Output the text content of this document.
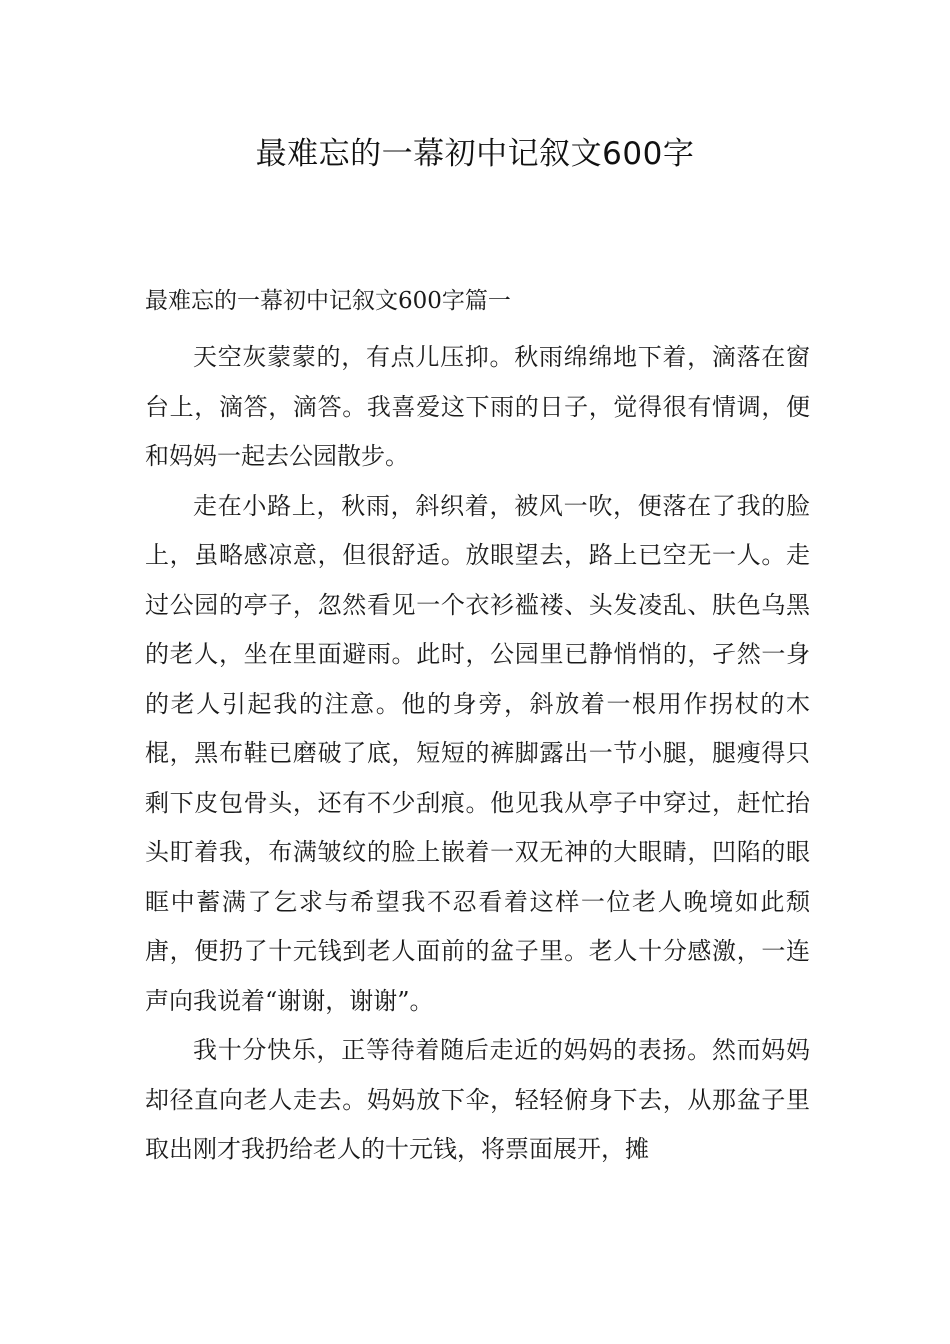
最难忘的一幕初中记叙文600字
最难忘的一幕初中记叙文600字篇一

天空灰蒙蒙的，有点儿压抑。秋雨绵绵地下着，滴落在窗台上，滴答，滴答。我喜爱这下雨的日子，觉得很有情调，便和妈妈一起去公园散步。

走在小路上，秋雨，斜织着，被风一吹，便落在了我的脸上，虽略感凉意，但很舒适。放眼望去，路上已空无一人。走过公园的亭子，忽然看见一个衣衫褴褛、头发凌乱、肤色乌黑的老人，坐在里面避雨。此时，公园里已静悄悄的，孑然一身的老人引起我的注意。他的身旁，斜放着一根用作拐杖的木棍，黑布鞋已磨破了底，短短的裤脚露出一节小腿，腿瘦得只剩下皮包骨头，还有不少刮痕。他见我从亭子中穿过，赶忙抬头盯着我，布满皱纹的脸上嵌着一双无神的大眼睛，凹陷的眼眶中蓄满了乞求与希望我不忍看着这样一位老人晚境如此颓唐，便扔了十元钱到老人面前的盆子里。老人十分感激，一连声向我说着“谢谢，谢谢”。

我十分快乐，正等待着随后走近的妈妈的表扬。然而妈妈却径直向老人走去。妈妈放下伞，轻轻俯身下去，从那盆子里取出刚才我扔给老人的十元钱，将票面展开，摊
